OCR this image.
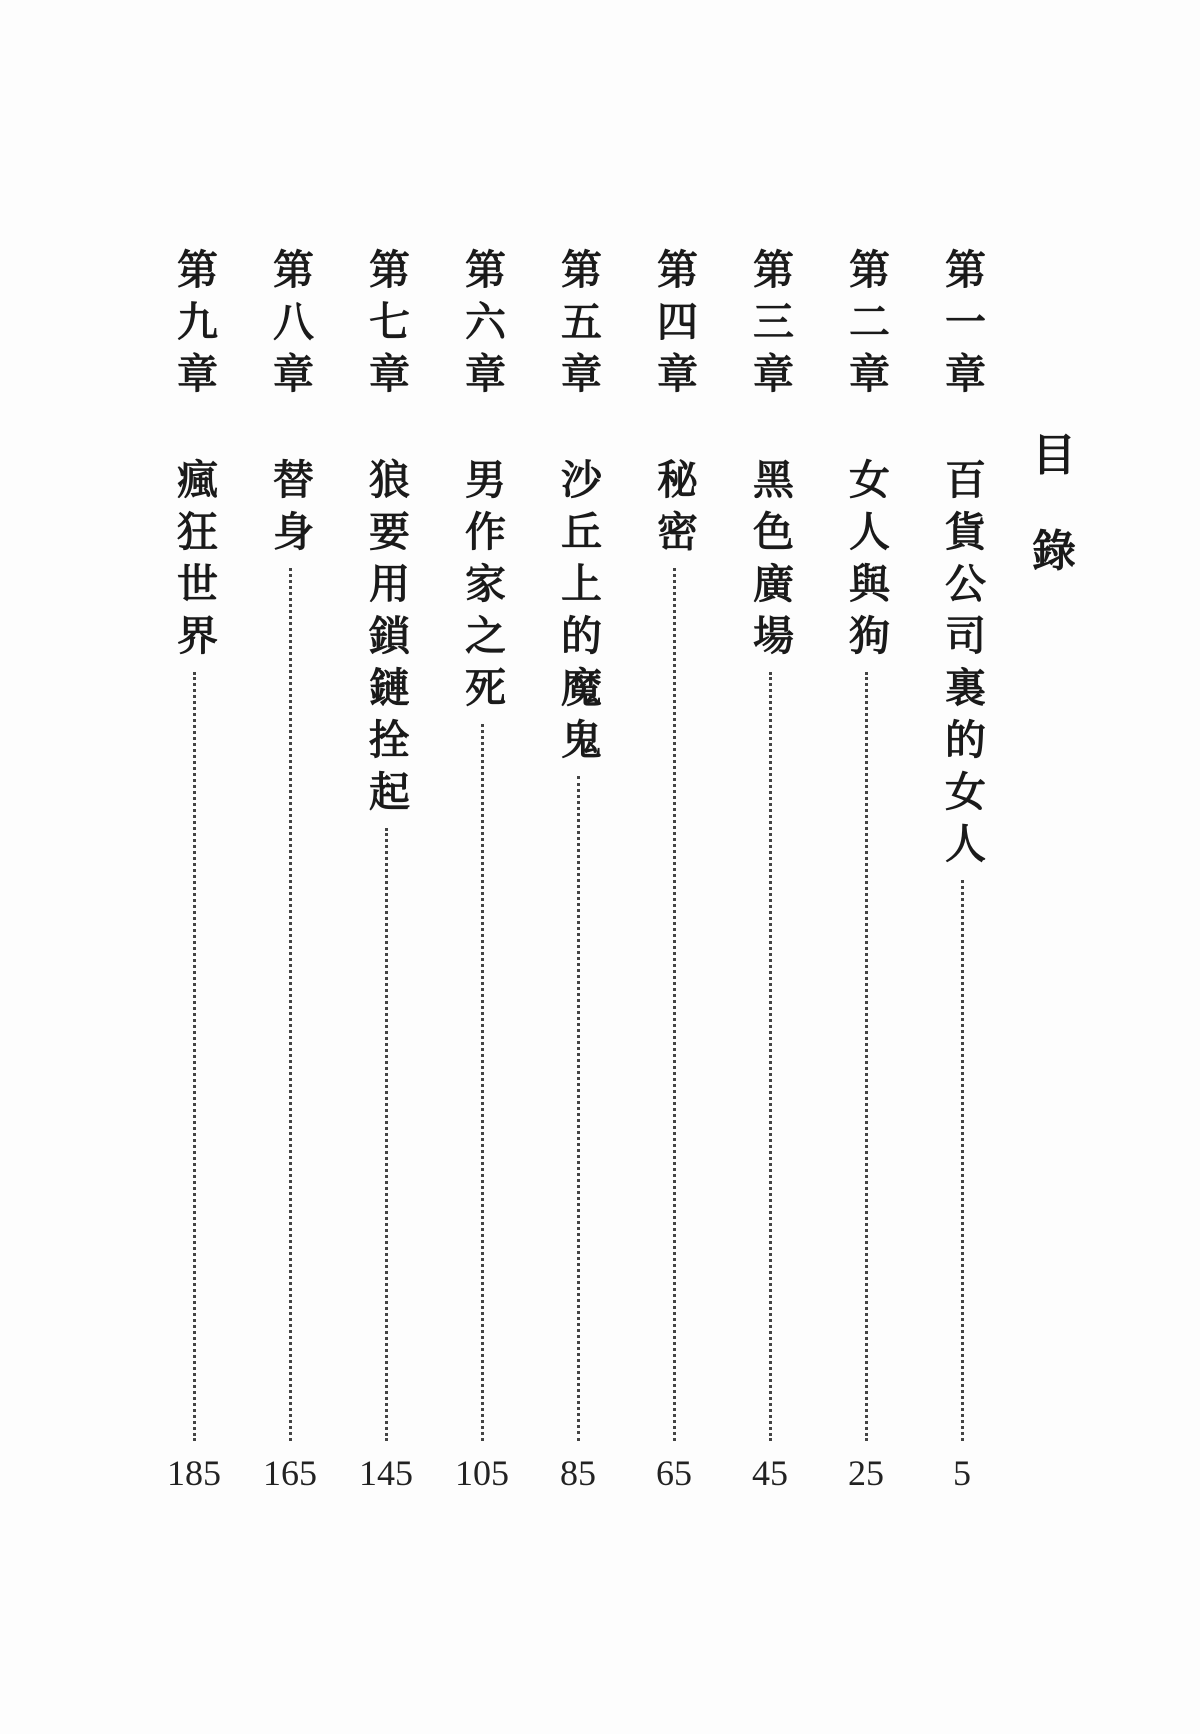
目
錄
第一章
百貨公司裏的女人
5
第二章
女人與狗
25
第三章
黑色廣場
45
第四章
秘密
65
第五章
沙丘上的魔鬼
85
第六章
男作家之死
105
第七章
狼要用鎖鏈拴起
145
第八章
替身
165
第九章
瘋狂世界
185
